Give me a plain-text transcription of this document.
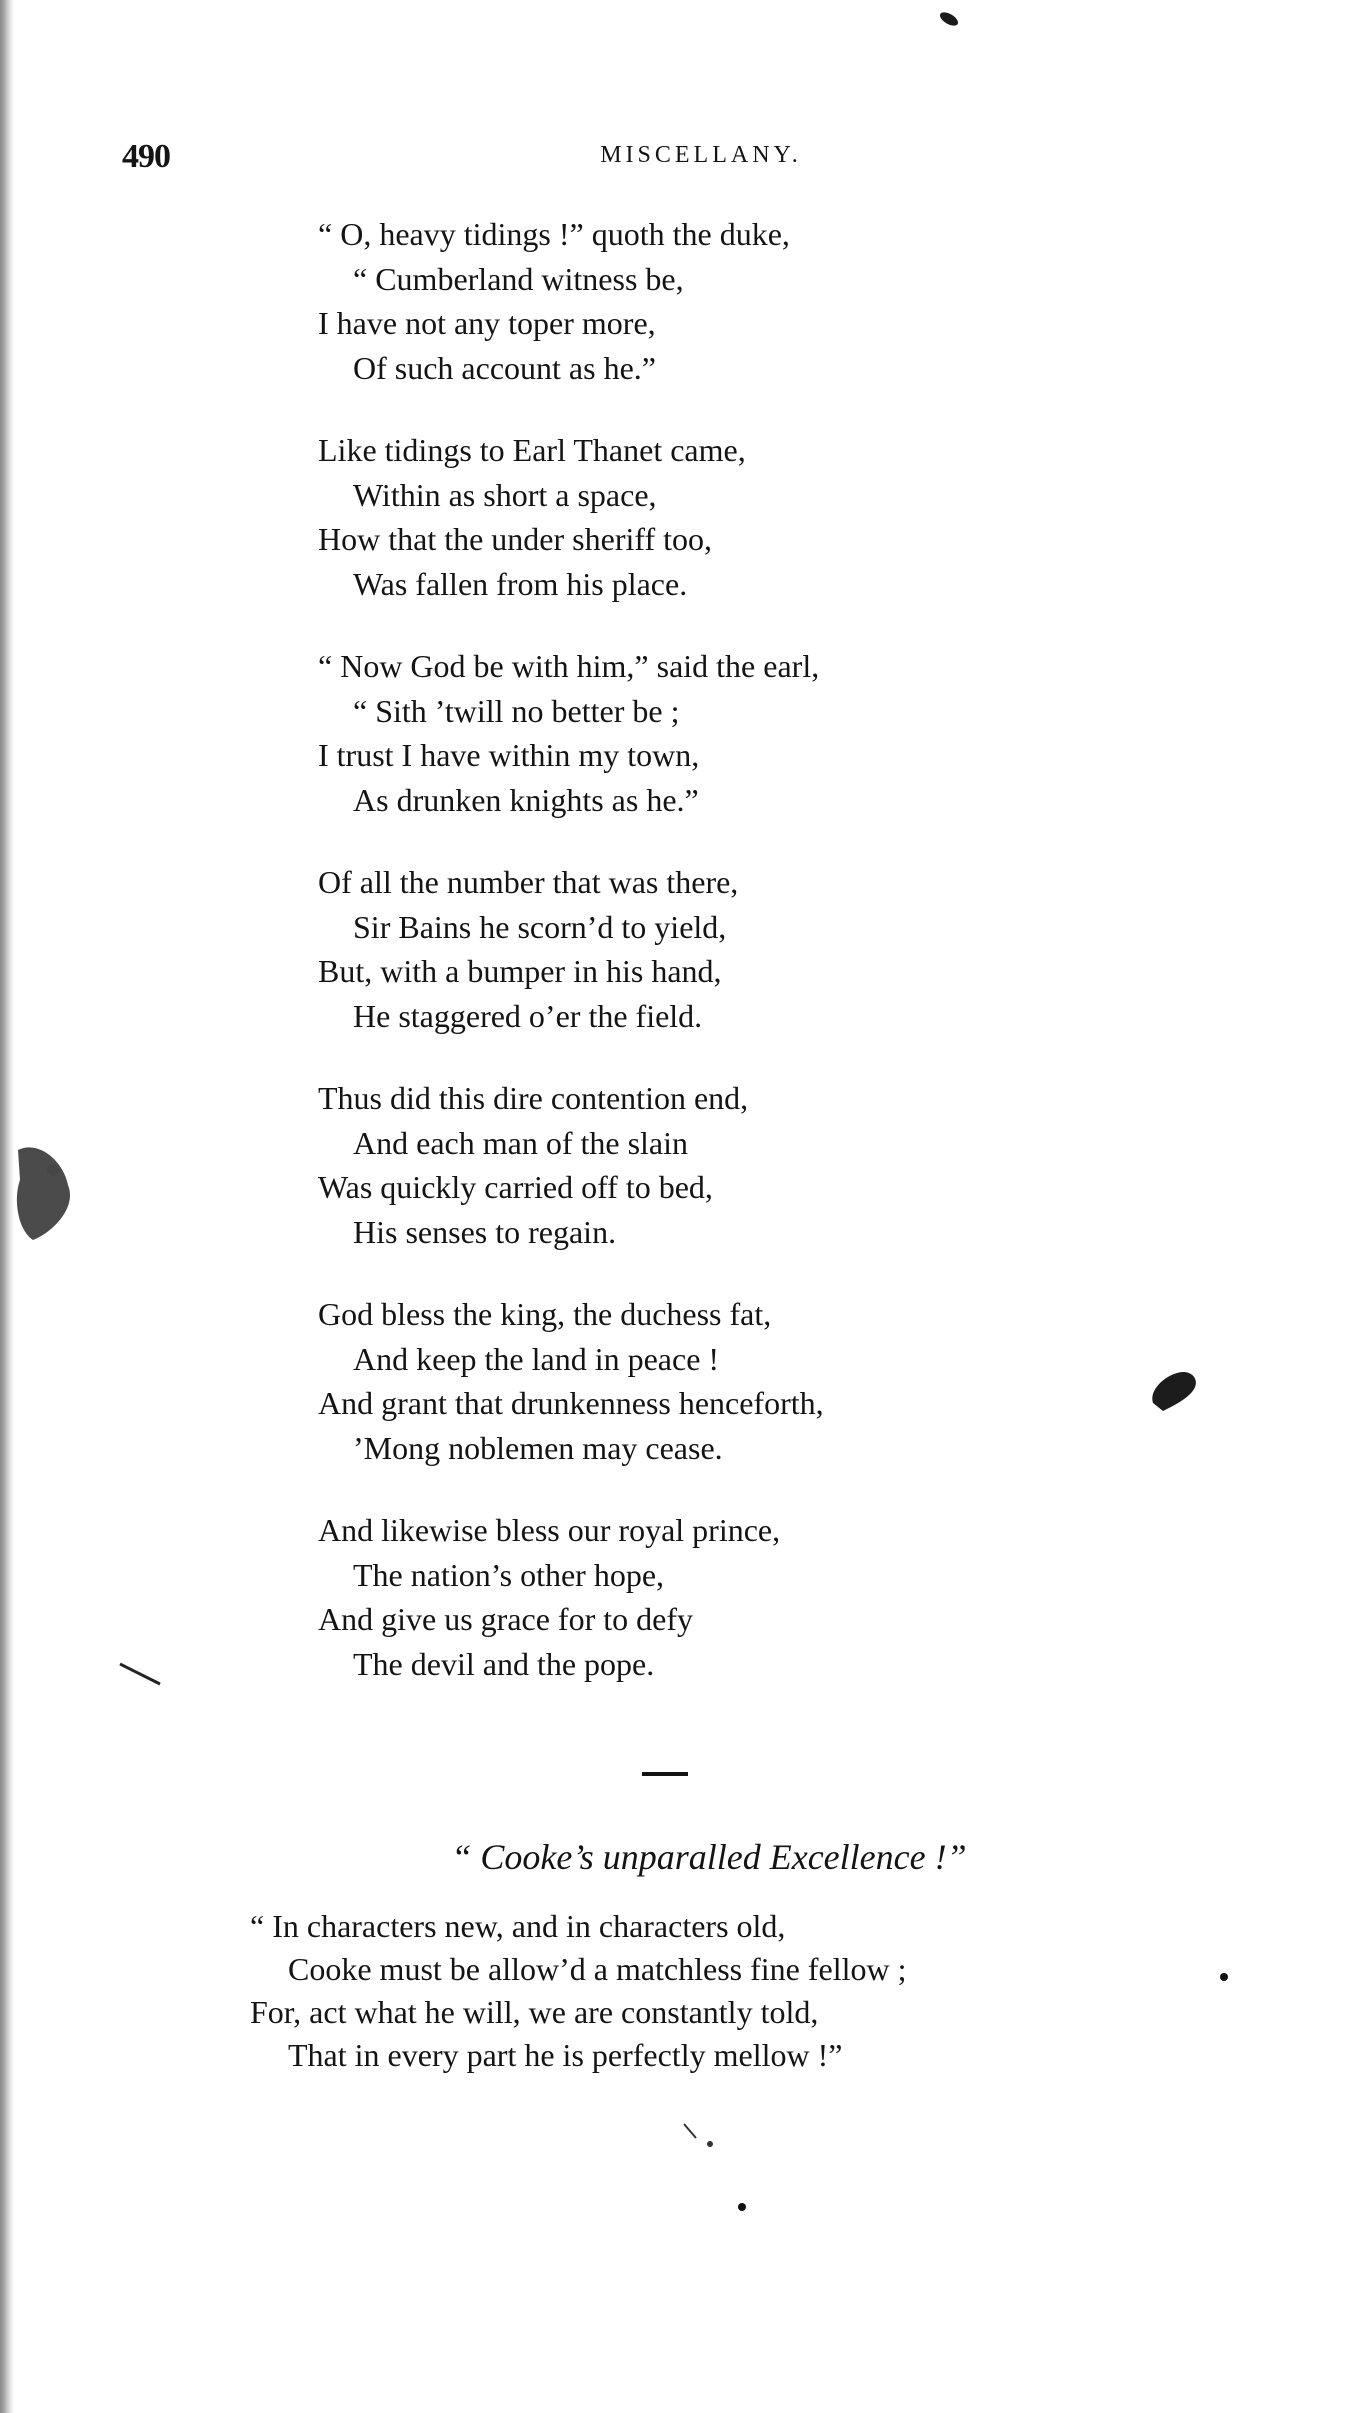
490	MISCELLANY.
“ O, heavy tidings !” quoth the duke,
“ Cumberland witness be,
I have not any toper more,
Of such account as he.”
Like tidings to Earl Thanet came,
Within as short a space,
How that the under sheriff too,
Was fallen from his place.
“ Now God be with him,” said the earl,
“ Sith ’twill no better be ;
I trust I have within my town,
As drunken knights as he.”
Of all the number that was there,
Sir Bains he scorn’d to yield,
But, with a bumper in his hand,
He staggered o’er the field.
Thus did this dire contention end,
And each man of the slain
Was quickly carried off to bed,
His senses to regain.
God bless the king, the duchess fat,
And keep the land in peace !
And grant that drunkenness henceforth,
’Mong noblemen may cease.
And likewise bless our royal prince,
The nation’s other hope,
And give us grace for to defy
The devil and the pope.
“ Cooke’s unparalled Excellence !”
“ In characters new, and in characters old,
Cooke must be allow’d a matchless fine fellow ;
For, act what he will, we are constantly told,
That in every part he is perfectly mellow !”
